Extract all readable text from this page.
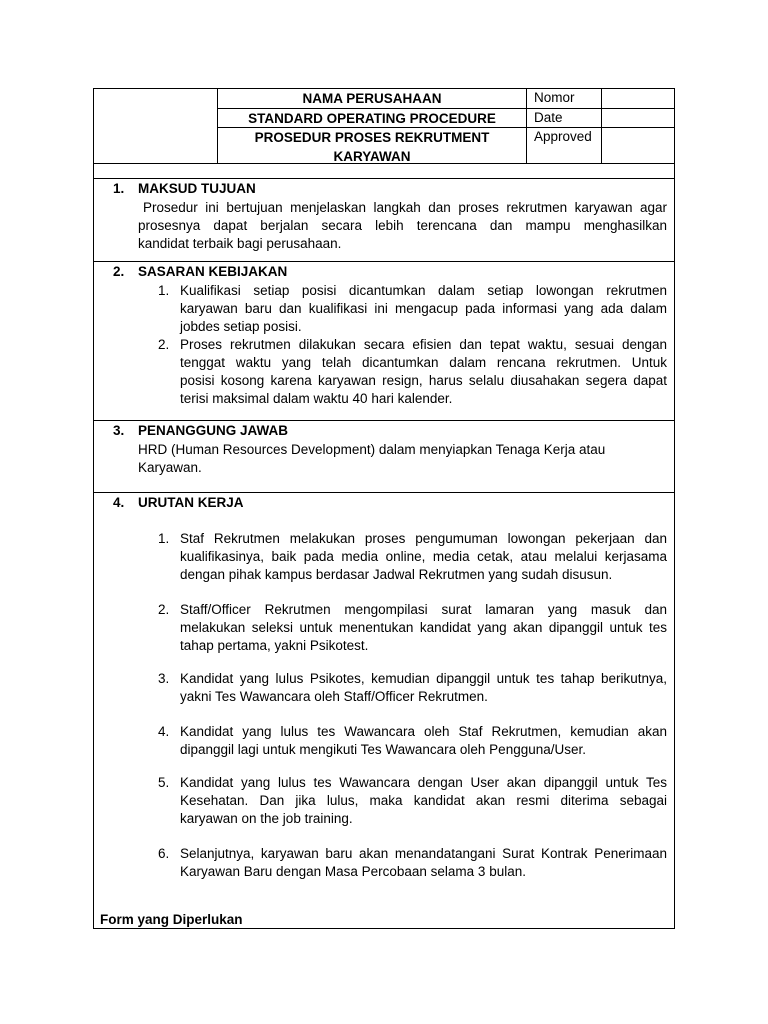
NAMA PERUSAHAAN
STANDARD OPERATING PROCEDURE
PROSEDUR PROSES REKRUTMENT
KARYAWAN
Nomor
Date
Approved
1. MAKSUD TUJUAN
Prosedur ini bertujuan menjelaskan langkah dan proses rekrutmen karyawan agar
prosesnya dapat berjalan secara lebih terencana dan mampu menghasilkan
kandidat terbaik bagi perusahaan.
2. SASARAN KEBIJAKAN
1. Kualifikasi setiap posisi dicantumkan dalam setiap lowongan rekrutmen
karyawan baru dan kualifikasi ini mengacup pada informasi yang ada dalam
jobdes setiap posisi.
2. Proses rekrutmen dilakukan secara efisien dan tepat waktu, sesuai dengan
tenggat waktu yang telah dicantumkan dalam rencana rekrutmen. Untuk
posisi kosong karena karyawan resign, harus selalu diusahakan segera dapat
terisi maksimal dalam waktu 40 hari kalender.
3. PENANGGUNG JAWAB
HRD (Human Resources Development) dalam menyiapkan Tenaga Kerja atau
Karyawan.
4. URUTAN KERJA
1. Staf Rekrutmen melakukan proses pengumuman lowongan pekerjaan dan
kualifikasinya, baik pada media online, media cetak, atau melalui kerjasama
dengan pihak kampus berdasar Jadwal Rekrutmen yang sudah disusun.
2. Staff/Officer Rekrutmen mengompilasi surat lamaran yang masuk dan
melakukan seleksi untuk menentukan kandidat yang akan dipanggil untuk tes
tahap pertama, yakni Psikotest.
3. Kandidat yang lulus Psikotes, kemudian dipanggil untuk tes tahap berikutnya,
yakni Tes Wawancara oleh Staff/Officer Rekrutmen.
4. Kandidat yang lulus tes Wawancara oleh Staf Rekrutmen, kemudian akan
dipanggil lagi untuk mengikuti Tes Wawancara oleh Pengguna/User.
5. Kandidat yang lulus tes Wawancara dengan User akan dipanggil untuk Tes
Kesehatan. Dan jika lulus, maka kandidat akan resmi diterima sebagai
karyawan on the job training.
6. Selanjutnya, karyawan baru akan menandatangani Surat Kontrak Penerimaan
Karyawan Baru dengan Masa Percobaan selama 3 bulan.
Form yang Diperlukan
